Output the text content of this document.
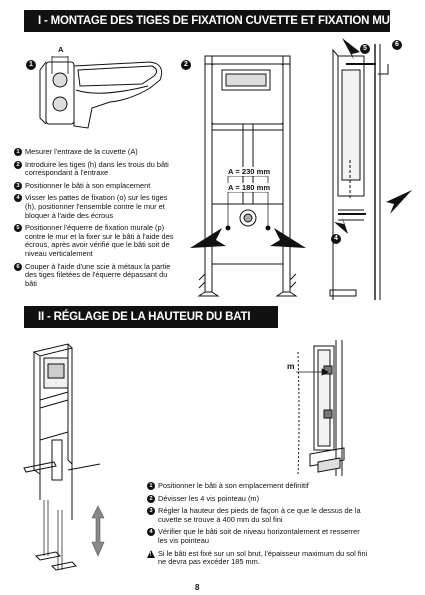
I - MONTAGE DES TIGES DE FIXATION CUVETTE ET FIXATION MURALE
1	2
A
A = 230 mm
A = 180 mm
5
6
4
1 Mesurer l'entraxe de la cuvette (A)
2 Introduire les tiges (h) dans les trous du bâti correspondant à l'entraxe
3 Positionner le bâti à son emplacement
4 Visser les pattes de fixation (o) sur les tiges (h), positionner l'ensemble contre le mur et bloquer à l'aide des écrous
5 Positionner l'équerre de fixation murale (p) contre le mur et la fixer sur le bâti à l'aide des écrous, après avoir vérifié que le bâti soit de niveau verticalement
6 Couper à l'aide d'une scie à métaux la partie des tiges filetées de l'équerre dépassant du bâti
II - RÉGLAGE DE LA HAUTEUR DU BATI
m
1 Positionner le bâti à son emplacement définitif
2 Dévisser les 4 vis pointeau (m)
3 Régler la hauteur des pieds de façon à ce que le dessus de la cuvette se trouve à 400 mm du sol fini
4 Vérifier que le bâti soit de niveau horizontalement et resserrer les vis pointeau
! Si le bâti est fixé sur un sol brut, l'épaisseur maximum du sol fini ne devra pas excéder 185 mm.
8
